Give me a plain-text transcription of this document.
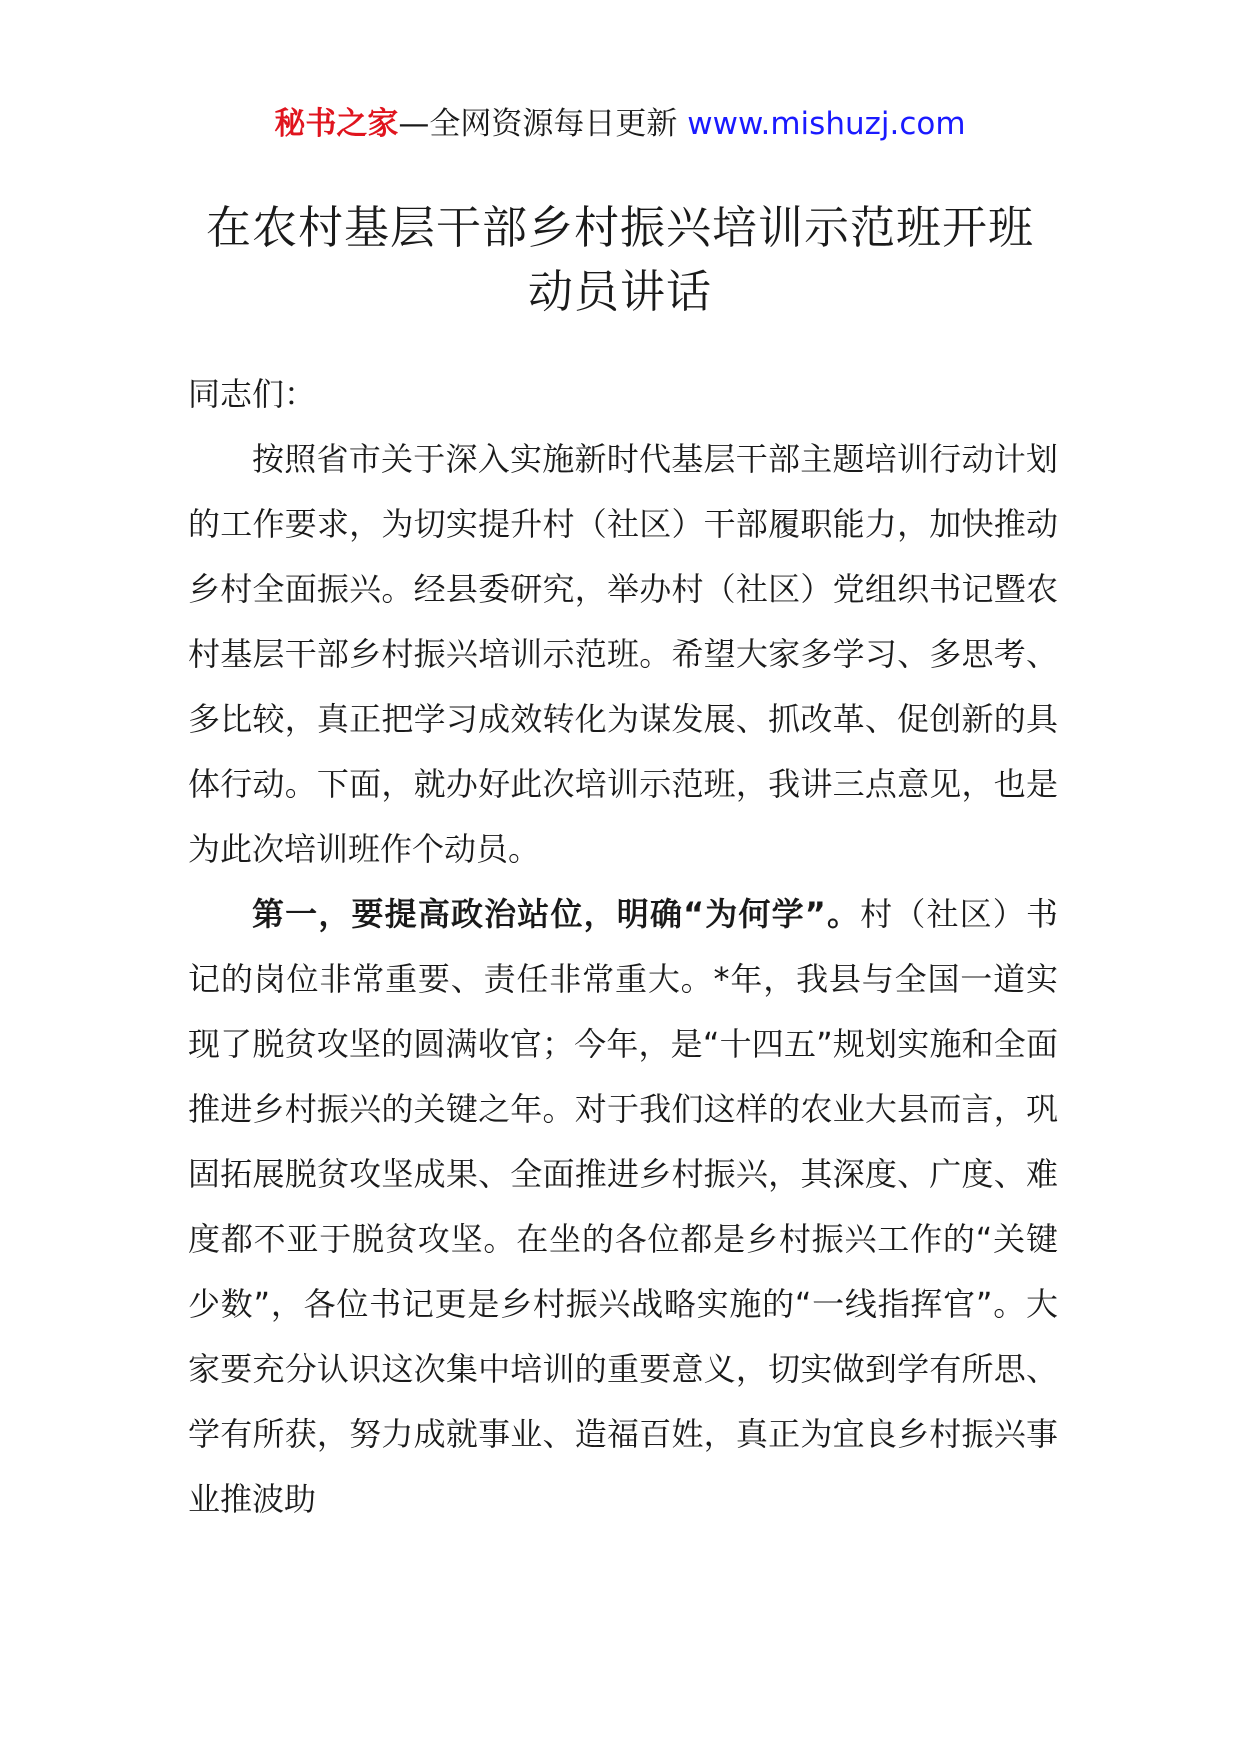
秘书之家—全网资源每日更新 www.mishuzj.com
在农村基层干部乡村振兴培训示范班开班
动员讲话

同志们：

按照省市关于深入实施新时代基层干部主题培训行动计划的工作要求，为切实提升村（社区）干部履职能力，加快推动乡村全面振兴。经县委研究，举办村（社区）党组织书记暨农村基层干部乡村振兴培训示范班。希望大家多学习、多思考、多比较，真正把学习成效转化为谋发展、抓改革、促创新的具体行动。下面，就办好此次培训示范班，我讲三点意见，也是为此次培训班作个动员。

第一，要提高政治站位，明确“为何学”。村（社区）书记的岗位非常重要、责任非常重大。*年，我县与全国一道实现了脱贫攻坚的圆满收官；今年，是“十四五”规划实施和全面推进乡村振兴的关键之年。对于我们这样的农业大县而言，巩固拓展脱贫攻坚成果、全面推进乡村振兴，其深度、广度、难度都不亚于脱贫攻坚。在坐的各位都是乡村振兴工作的“关键少数”，各位书记更是乡村振兴战略实施的“一线指挥官”。大家要充分认识这次集中培训的重要意义，切实做到学有所思、学有所获，努力成就事业、造福百姓，真正为宜良乡村振兴事业推波助
